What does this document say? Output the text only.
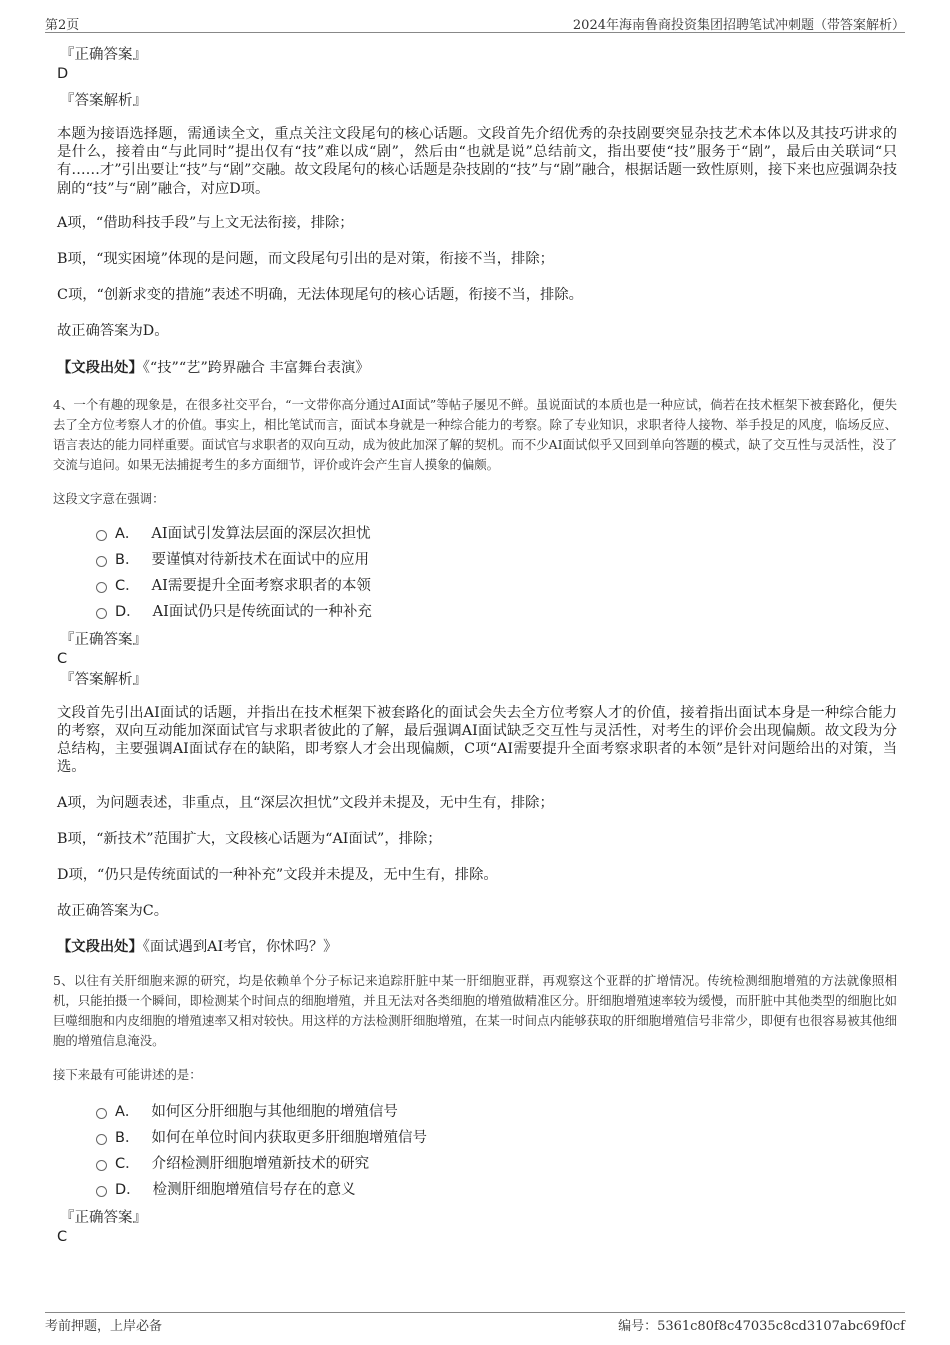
第2页	2024年海南鲁商投资集团招聘笔试冲刺题（带答案解析）
『正确答案』
D
『答案解析』

本题为接语选择题，需通读全文，重点关注文段尾句的核心话题。文段首先介绍优秀的杂技剧要突显杂技艺术本体以及其技巧讲求的是什么，接着由“与此同时”提出仅有“技”难以成“剧”，然后由“也就是说”总结前文，指出要使“技”服务于“剧”，最后由关联词“只有……才”引出要让“技”与“剧”交融。故文段尾句的核心话题是杂技剧的“技”与“剧”融合，根据话题一致性原则，接下来也应强调杂技剧的“技”与“剧”融合，对应D项。

A项，“借助科技手段”与上文无法衔接，排除；

B项，“现实困境”体现的是问题，而文段尾句引出的是对策，衔接不当，排除；

C项，“创新求变的措施”表述不明确，无法体现尾句的核心话题，衔接不当，排除。

故正确答案为D。

【文段出处】《“技”“艺”跨界融合 丰富舞台表演》

4、一个有趣的现象是，在很多社交平台，“一文带你高分通过AI面试”等帖子屡见不鲜。虽说面试的本质也是一种应试，倘若在技术框架下被套路化，便失去了全方位考察人才的价值。事实上，相比笔试而言，面试本身就是一种综合能力的考察。除了专业知识，求职者待人接物、举手投足的风度，临场反应、语言表达的能力同样重要。面试官与求职者的双向互动，成为彼此加深了解的契机。而不少AI面试似乎又回到单向答题的模式，缺了交互性与灵活性，没了交流与追问。如果无法捕捉考生的多方面细节，评价或许会产生盲人摸象的偏颇。

这段文字意在强调：

A． AI面试引发算法层面的深层次担忧
B． 要谨慎对待新技术在面试中的应用
C． AI需要提升全面考察求职者的本领
D． AI面试仍只是传统面试的一种补充
『正确答案』
C
『答案解析』

文段首先引出AI面试的话题，并指出在技术框架下被套路化的面试会失去全方位考察人才的价值，接着指出面试本身是一种综合能力的考察，双向互动能加深面试官与求职者彼此的了解，最后强调AI面试缺乏交互性与灵活性，对考生的评价会出现偏颇。故文段为分总结构，主要强调AI面试存在的缺陷，即考察人才会出现偏颇，C项“AI需要提升全面考察求职者的本领”是针对问题给出的对策，当选。

A项，为问题表述，非重点，且“深层次担忧”文段并未提及，无中生有，排除；

B项，“新技术”范围扩大，文段核心话题为“AI面试”，排除；

D项，“仍只是传统面试的一种补充”文段并未提及，无中生有，排除。

故正确答案为C。

【文段出处】《面试遇到AI考官，你怵吗？》

5、以往有关肝细胞来源的研究，均是依赖单个分子标记来追踪肝脏中某一肝细胞亚群，再观察这个亚群的扩增情况。传统检测细胞增殖的方法就像照相机，只能拍摄一个瞬间，即检测某个时间点的细胞增殖，并且无法对各类细胞的增殖做精准区分。肝细胞增殖速率较为缓慢，而肝脏中其他类型的细胞比如巨噬细胞和内皮细胞的增殖速率又相对较快。用这样的方法检测肝细胞增殖，在某一时间点内能够获取的肝细胞增殖信号非常少，即便有也很容易被其他细胞的增殖信息淹没。

接下来最有可能讲述的是：

A． 如何区分肝细胞与其他细胞的增殖信号
B． 如何在单位时间内获取更多肝细胞增殖信号
C． 介绍检测肝细胞增殖新技术的研究
D． 检测肝细胞增殖信号存在的意义
『正确答案』
C
考前押题，上岸必备	编号：5361c80f8c47035c8cd3107abc69f0cf
